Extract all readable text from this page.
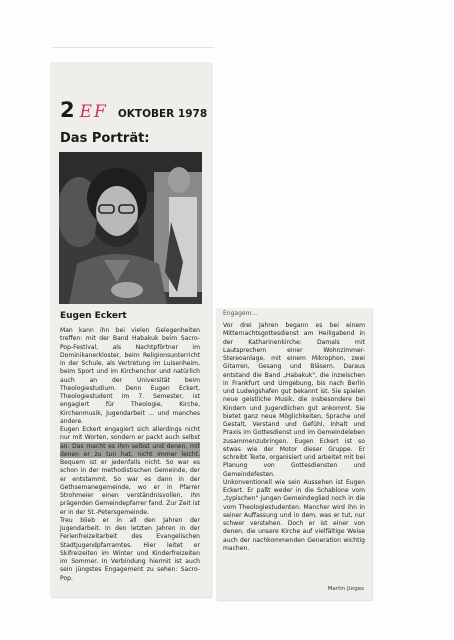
2 EF OKTOBER 1978
Das Porträt:
Eugen Eckert
Man kann ihn bei vielen Gelegenheiten treffen: mit der Band Habakuk beim Sacro-Pop-Festival, als Nachtpförtner im Dominikanerkloster, beim Religionsunterricht in der Schule, als Vertretung im Luisenheim, beim Sport und im Kirchenchor und natürlich auch an der Universität beim Theologiestudium. Denn Eugen Eckert, Theologiestudent im 7. Semester, ist engagiert für Theologie, Kirche, Kirchenmusik, Jugendarbeit ... und manches andere.
Eugen Eckert engagiert sich allerdings nicht nur mit Worten, sondern er packt auch selbst an. Das macht es ihm selbst und denen, mit denen er zu tun hat, nicht immer leicht. Bequem ist er jedenfalls nicht. So war es schon in der methodistischen Gemeinde, der er entstammt. So war es dann in der Gethsemanegemeinde, wo er in Pfarrer Strohmeier einen verständnisvollen, ihn prägenden Gemeindepfarrer fand. Zur Zeit ist er in der St.-Petersgemeinde.
Treu blieb er in all den Jahren der Jugendarbeit. In den letzten Jahren in der Ferienfreizeitarbeit des Evangelischen Stadtjugendpfarramtes. Hier leitet er Skifreizeiten im Winter und Kinderfreizeiten im Sommer. In Verbindung hiermit ist auch sein jüngstes Engagement zu sehen: Sacro-Pop.
Engagem...
Vor drei Jahren begann es bei einem Mitternachtsgottesdienst am Heiligabend in der Katharinenkirche: Damals mit Lautsprechern einer Wohnzimmer-Stereoanlage, mit einem Mikrophon, zwei Gitarren, Gesang und Bläsern. Daraus entstand die Band „Habakuk", die inzwischen in Frankfurt und Umgebung, bis nach Berlin und Ludwigshafen gut bekannt ist. Sie spielen neue geistliche Musik, die insbesondere bei Kindern und Jugendlichen gut ankommt. Sie bietet ganz neue Möglichkeiten, Sprache und Gestalt, Verstand und Gefühl, Inhalt und Praxis im Gottesdienst und im Gemeindeleben zusammenzubringen. Eugen Eckert ist so etwas wie der Motor dieser Gruppe. Er schreibt Texte, organisiert und arbeitet mit bei Planung von Gottesdiensten und Gemeindefesten.
Unkonventionell wie sein Aussehen ist Eugen Eckert. Er paßt weder in die Schablone vom „typischen" jungen Gemeindeglied noch in die vom Theologiestudenten. Mancher wird ihn in seiner Auffassung und in dem, was er tut, nur schwer verstehen. Doch er ist einer von denen, die unsere Kirche auf vielfältige Weise auch der nachkommenden Generation wichtig machen.
Martin Jürges
